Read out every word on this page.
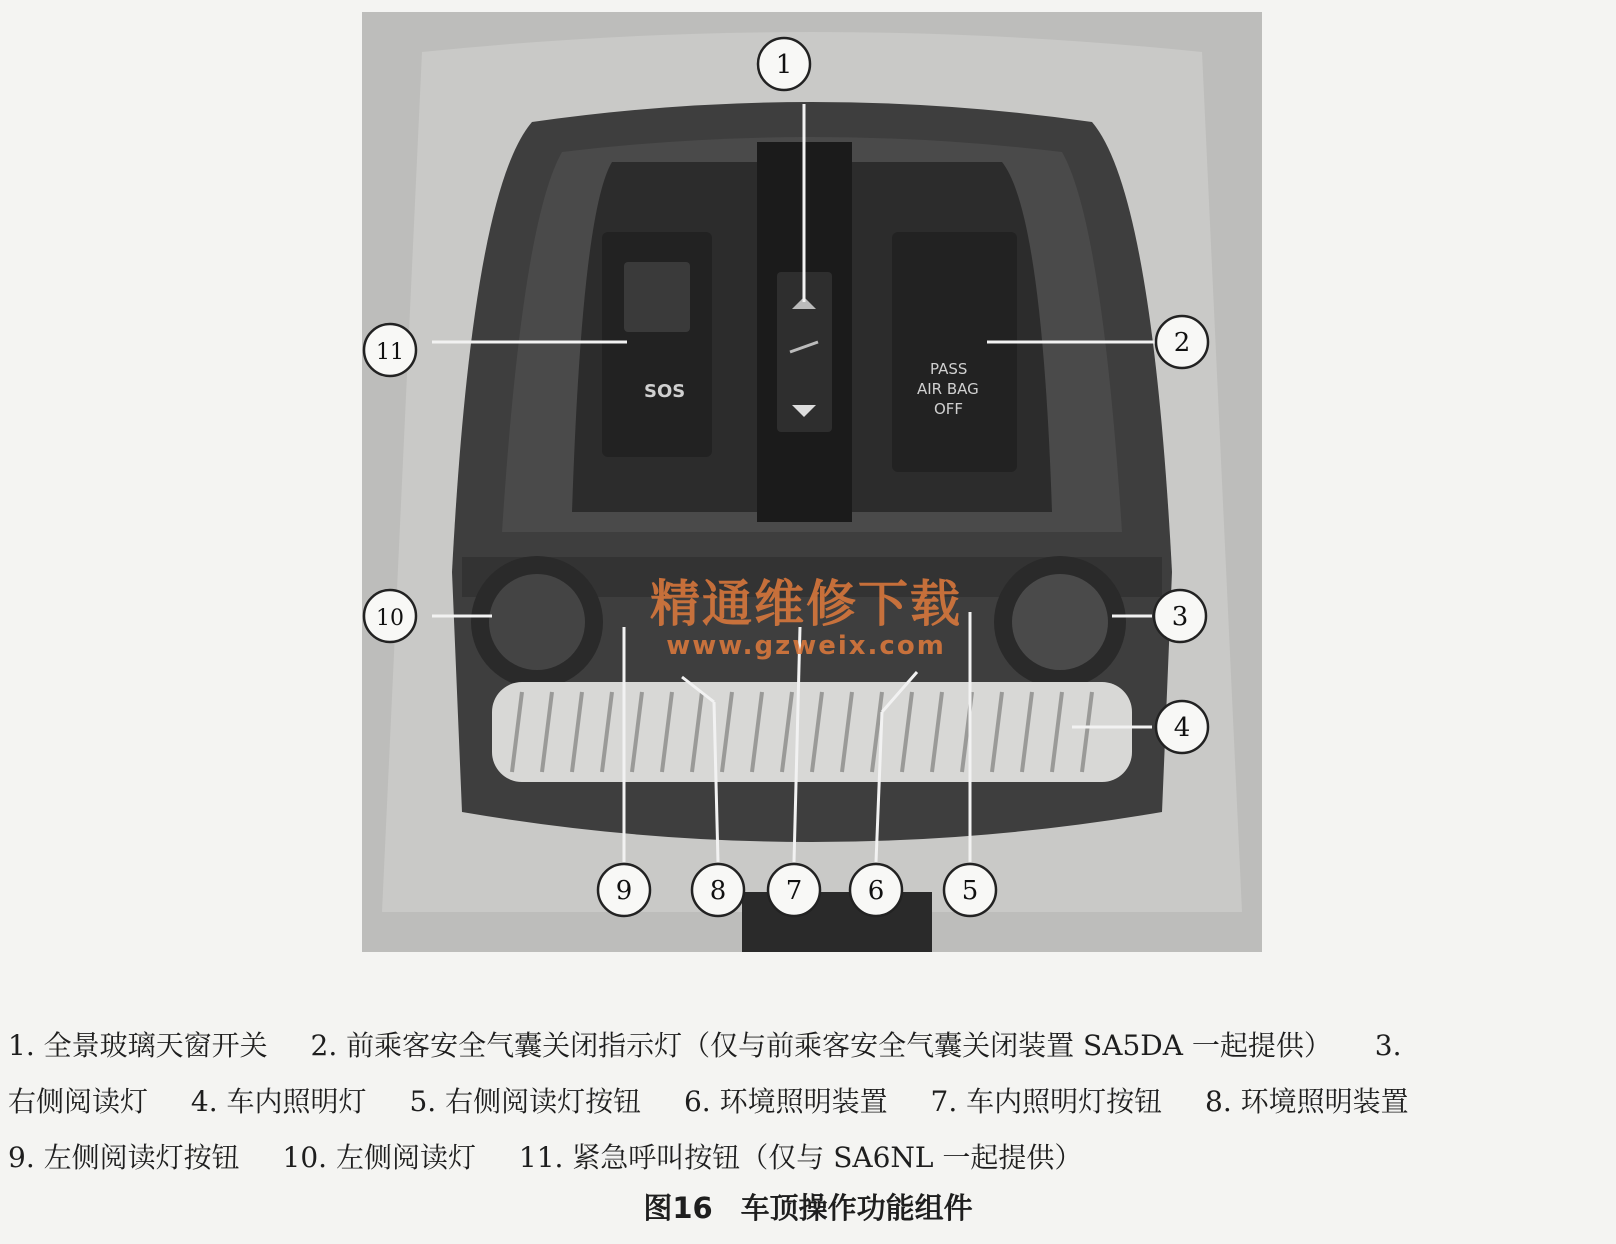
SOS
PASS
AIR BAG
OFF
1
2
3
4
5
6
7
8
9
10
11
精通维修下载
www.gzweix.com
1. 全景玻璃天窗开关 2. 前乘客安全气囊关闭指示灯（仅与前乘客安全气囊关闭装置 SA5DA 一起提供） 3.
右侧阅读灯 4. 车内照明灯 5. 右侧阅读灯按钮 6. 环境照明装置 7. 车内照明灯按钮 8. 环境照明装置
9. 左侧阅读灯按钮 10. 左侧阅读灯 11. 紧急呼叫按钮（仅与 SA6NL 一起提供）
图16 车顶操作功能组件
